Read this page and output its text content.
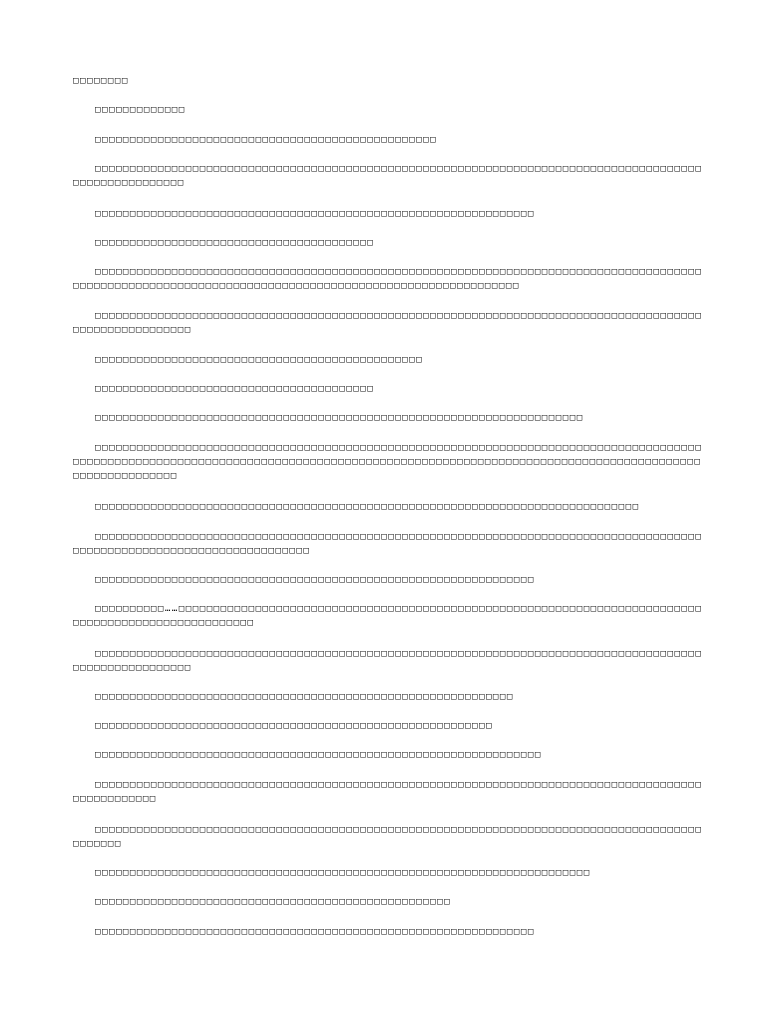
□□□□□□□□
□□□□□□□□□□□□□
□□□□□□□□□□□□□□□□□□□□□□□□□□□□□□□□□□□□□□□□□□□□□□□□□
□□□□□□□□□□□□□□□□□□□□□□□□□□□□□□□□□□□□□□□□□□□□□□□□□□□□□□□□□□□□□□□□□□□□□□□□□□□□□□□□□□□□□□□□□□□□□□□□□□□□□□□
□□□□□□□□□□□□□□□□□□□□□□□□□□□□□□□□□□□□□□□□□□□□□□□□□□□□□□□□□□□□□□□
□□□□□□□□□□□□□□□□□□□□□□□□□□□□□□□□□□□□□□□□
□□□□□□□□□□□□□□□□□□□□□□□□□□□□□□□□□□□□□□□□□□□□□□□□□□□□□□□□□□□□□□□□□□□□□□□□□□□□□□□□□□□□□□□□□□□□□□□□□□□□□□□□□□□□□□□□□□□□□□□□□□□□□□□□□□□□□□□□□□□□□□□□□□□□□□□
□□□□□□□□□□□□□□□□□□□□□□□□□□□□□□□□□□□□□□□□□□□□□□□□□□□□□□□□□□□□□□□□□□□□□□□□□□□□□□□□□□□□□□□□□□□□□□□□□□□□□□□□
□□□□□□□□□□□□□□□□□□□□□□□□□□□□□□□□□□□□□□□□□□□□□□□
□□□□□□□□□□□□□□□□□□□□□□□□□□□□□□□□□□□□□□□□
□□□□□□□□□□□□□□□□□□□□□□□□□□□□□□□□□□□□□□□□□□□□□□□□□□□□□□□□□□□□□□□□□□□□□□
□□□□□□□□□□□□□□□□□□□□□□□□□□□□□□□□□□□□□□□□□□□□□□□□□□□□□□□□□□□□□□□□□□□□□□□□□□□□□□□□□□□□□□□□□□□□□□□□□□□□□□□□□□□□□□□□□□□□□□□□□□□□□□□□□□□□□□□□□□□□□□□□□□□□□□□□□□□□□□□□□□□□□□□□□□□□□□□□□□□□□□□□□□□□□□□□
□□□□□□□□□□□□□□□□□□□□□□□□□□□□□□□□□□□□□□□□□□□□□□□□□□□□□□□□□□□□□□□□□□□□□□□□□□□□□□
□□□□□□□□□□□□□□□□□□□□□□□□□□□□□□□□□□□□□□□□□□□□□□□□□□□□□□□□□□□□□□□□□□□□□□□□□□□□□□□□□□□□□□□□□□□□□□□□□□□□□□□□□□□□□□□□□□□□□□□□□
□□□□□□□□□□□□□□□□□□□□□□□□□□□□□□□□□□□□□□□□□□□□□□□□□□□□□□□□□□□□□□□
□□□□□□□□□□……□□□□□□□□□□□□□□□□□□□□□□□□□□□□□□□□□□□□□□□□□□□□□□□□□□□□□□□□□□□□□□□□□□□□□□□□□□□□□□□□□□□□□□□□□□□□□□□□□□□□□
□□□□□□□□□□□□□□□□□□□□□□□□□□□□□□□□□□□□□□□□□□□□□□□□□□□□□□□□□□□□□□□□□□□□□□□□□□□□□□□□□□□□□□□□□□□□□□□□□□□□□□□□
□□□□□□□□□□□□□□□□□□□□□□□□□□□□□□□□□□□□□□□□□□□□□□□□□□□□□□□□□□□□
□□□□□□□□□□□□□□□□□□□□□□□□□□□□□□□□□□□□□□□□□□□□□□□□□□□□□□□□□
□□□□□□□□□□□□□□□□□□□□□□□□□□□□□□□□□□□□□□□□□□□□□□□□□□□□□□□□□□□□□□□□
□□□□□□□□□□□□□□□□□□□□□□□□□□□□□□□□□□□□□□□□□□□□□□□□□□□□□□□□□□□□□□□□□□□□□□□□□□□□□□□□□□□□□□□□□□□□□□□□□□□
□□□□□□□□□□□□□□□□□□□□□□□□□□□□□□□□□□□□□□□□□□□□□□□□□□□□□□□□□□□□□□□□□□□□□□□□□□□□□□□□□□□□□□□□□□□□□□
□□□□□□□□□□□□□□□□□□□□□□□□□□□□□□□□□□□□□□□□□□□□□□□□□□□□□□□□□□□□□□□□□□□□□□□
□□□□□□□□□□□□□□□□□□□□□□□□□□□□□□□□□□□□□□□□□□□□□□□□□□□
□□□□□□□□□□□□□□□□□□□□□□□□□□□□□□□□□□□□□□□□□□□□□□□□□□□□□□□□□□□□□□□
